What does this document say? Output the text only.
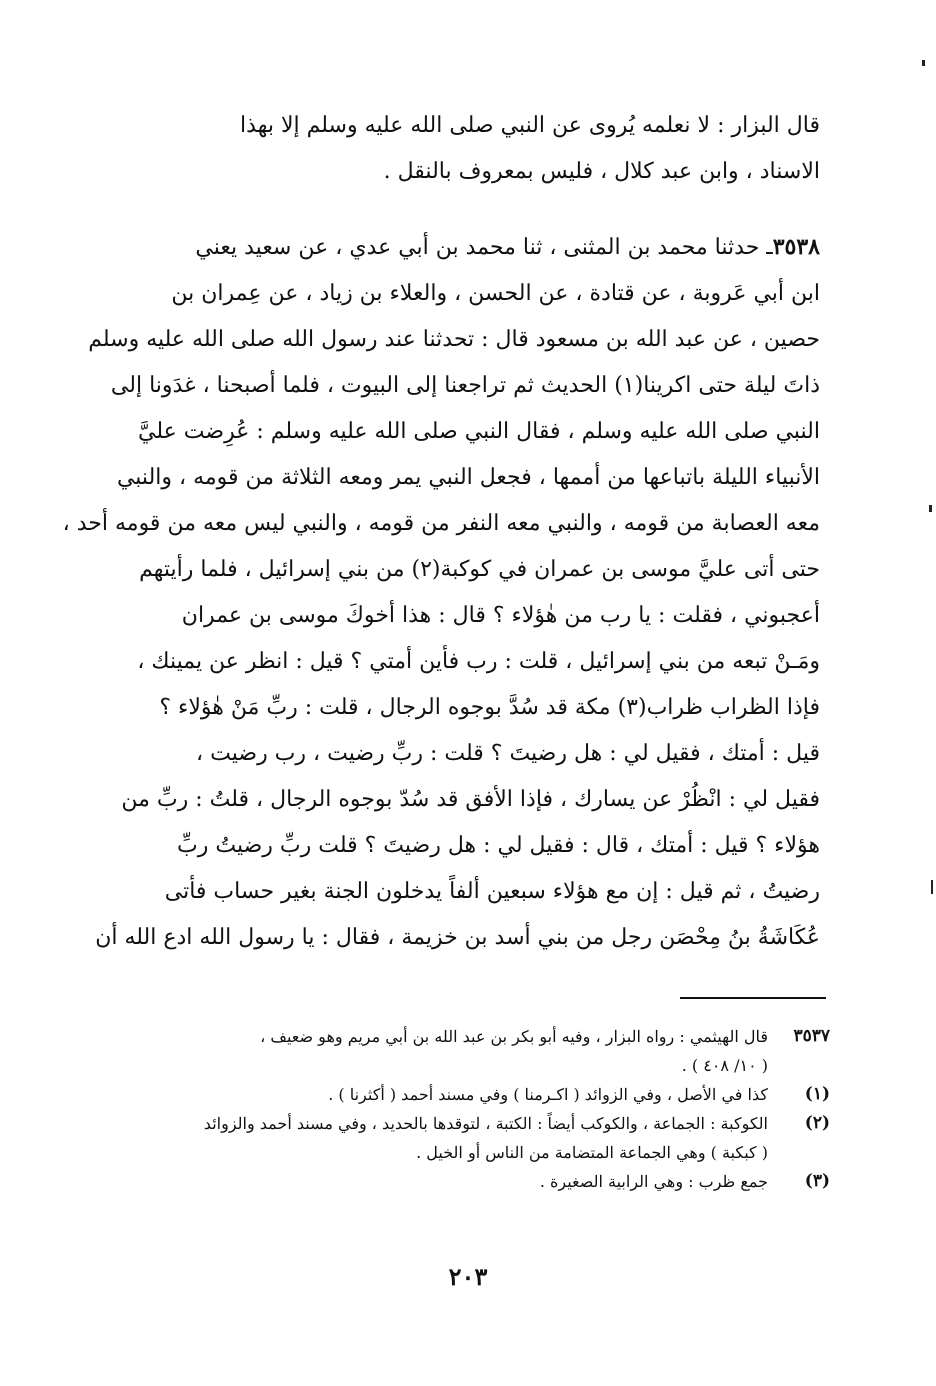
قال البزار : لا نعلمه يُروى عن النبي صلى الله عليه وسلم إلا بهذا
الاسناد ، وابن عبد كلال ، فليس بمعروف بالنقل .
٣٥٣٨ـ حدثنا محمد بن المثنى ، ثنا محمد بن أبي عدي ، عن سعيد يعني
ابن أبي عَروبة ، عن قتادة ، عن الحسن ، والعلاء بن زياد ، عن عِمران بن
حصين ، عن عبد الله بن مسعود قال : تحدثنا عند رسول الله صلى الله عليه وسلم
ذاتَ ليلة حتى اكرينا(١) الحديث ثم تراجعنا إلى البيوت ، فلما أصبحنا ، غدَونا إلى
النبي صلى الله عليه وسلم ، فقال النبي صلى الله عليه وسلم : عُرِضت عليَّ
الأنبياء الليلة باتباعها من أممها ، فجعل النبي يمر ومعه الثلاثة من قومه ، والنبي
معه العصابة من قومه ، والنبي معه النفر من قومه ، والنبي ليس معه من قومه أحد ،
حتى أتى عليَّ موسى بن عمران في كوكبة(٢) من بني إسرائيل ، فلما رأيتهم
أعجبوني ، فقلت : يا رب من هٰؤلاء ؟ قال : هذا أخوكَ موسى بن عمران
ومَـنْ تبعه من بني إسرائيل ، قلت : رب فأين أمتي ؟ قيل : انظر عن يمينك ،
فإذا الظراب ظراب(٣) مكة قد سُدَّ بوجوه الرجال ، قلت : ربِّ مَنْ هٰؤلاء ؟
قيل : أمتك ، فقيل لي : هل رضيتَ ؟ قلت : ربِّ رضيت ، رب رضيت ،
فقيل لي : انْظُرْ عن يسارك ، فإذا الأفق قد سُدّ بوجوه الرجال ، قلتُ : ربِّ من
هؤلاء ؟ قيل : أمتك ، قال : فقيل لي : هل رضيتَ ؟ قلت ربِّ رضيتُ ربِّ
رضيتُ ، ثم قيل : إن مع هؤلاء سبعين ألفاً يدخلون الجنة بغير حساب فأتى
عُكَاشَةُ بنُ مِحْصَن رجل من بني أسد بن خزيمة ، فقال : يا رسول الله ادع الله أن
٣٥٣٧
قال الهيثمي : رواه البزار ، وفيه أبو بكر بن عبد الله بن أبي مريم وهو ضعيف ،
( ١٠/ ٤٠٨ ) .
(١)
كذا في الأصل ، وفي الزوائد ( اكـرمنا ) وفي مسند أحمد ( أكثرنا ) .
(٢)
الكوكبة : الجماعة ، والكوكب أيضاً : الكتبة ، لتوقدها بالحديد ، وفي مسند أحمد والزوائد
( كبكبة ) وهي الجماعة المتضامة من الناس أو الخيل .
(٣)
جمع ظرب : وهي الرابية الصغيرة .
٢٠٣
